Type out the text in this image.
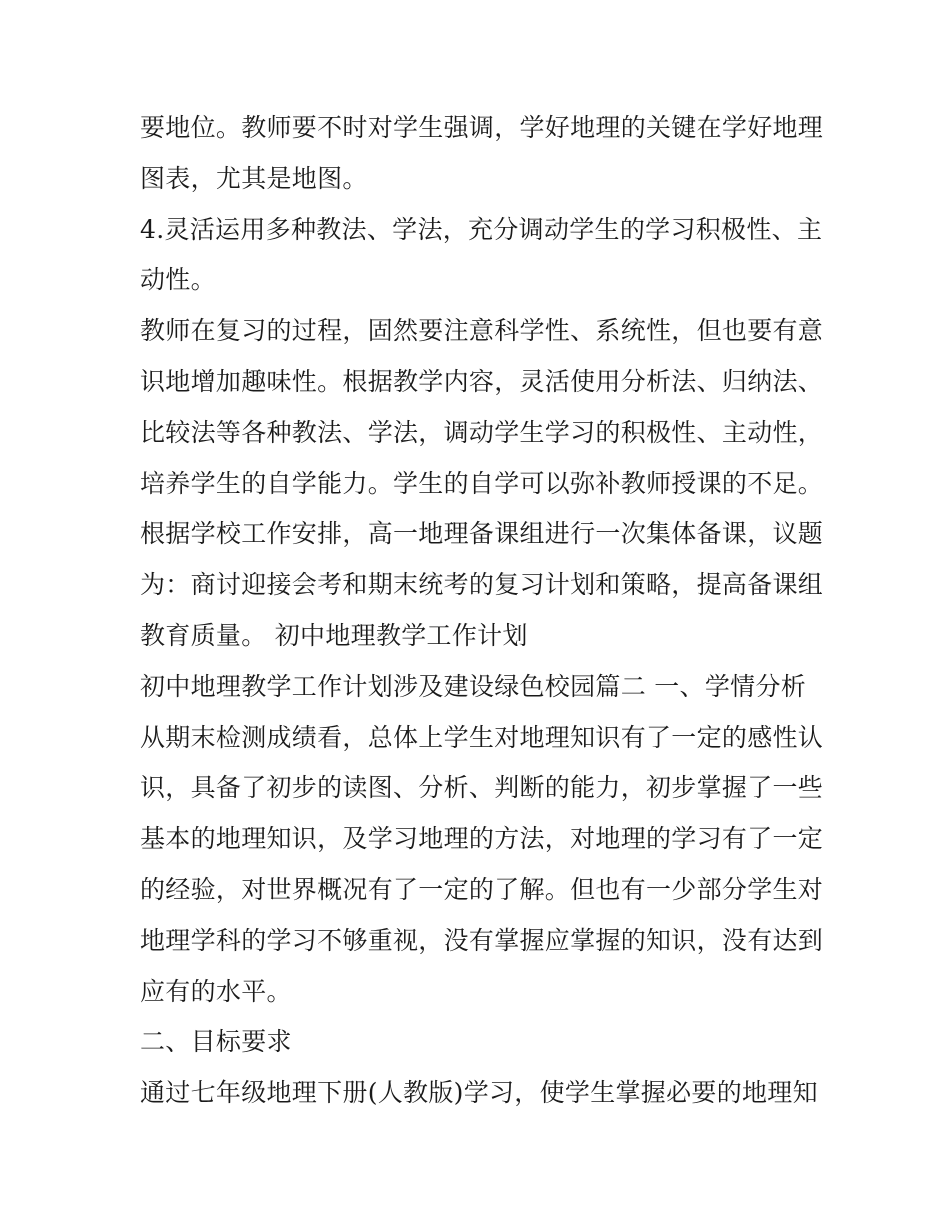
要地位。教师要不时对学生强调，学好地理的关键在学好地理
图表，尤其是地图。
4.灵活运用多种教法、学法，充分调动学生的学习积极性、主
动性。
教师在复习的过程，固然要注意科学性、系统性，但也要有意
识地增加趣味性。根据教学内容，灵活使用分析法、归纳法、
比较法等各种教法、学法，调动学生学习的积极性、主动性，
培养学生的自学能力。学生的自学可以弥补教师授课的不足。
根据学校工作安排，高一地理备课组进行一次集体备课，议题
为：商讨迎接会考和期末统考的复习计划和策略，提高备课组
教育质量。 初中地理教学工作计划
初中地理教学工作计划涉及建设绿色校园篇二 一、学情分析
从期末检测成绩看，总体上学生对地理知识有了一定的感性认
识，具备了初步的读图、分析、判断的能力，初步掌握了一些
基本的地理知识，及学习地理的方法，对地理的学习有了一定
的经验，对世界概况有了一定的了解。但也有一少部分学生对
地理学科的学习不够重视，没有掌握应掌握的知识，没有达到
应有的水平。
二、目标要求
通过七年级地理下册(人教版)学习，使学生掌握必要的地理知
